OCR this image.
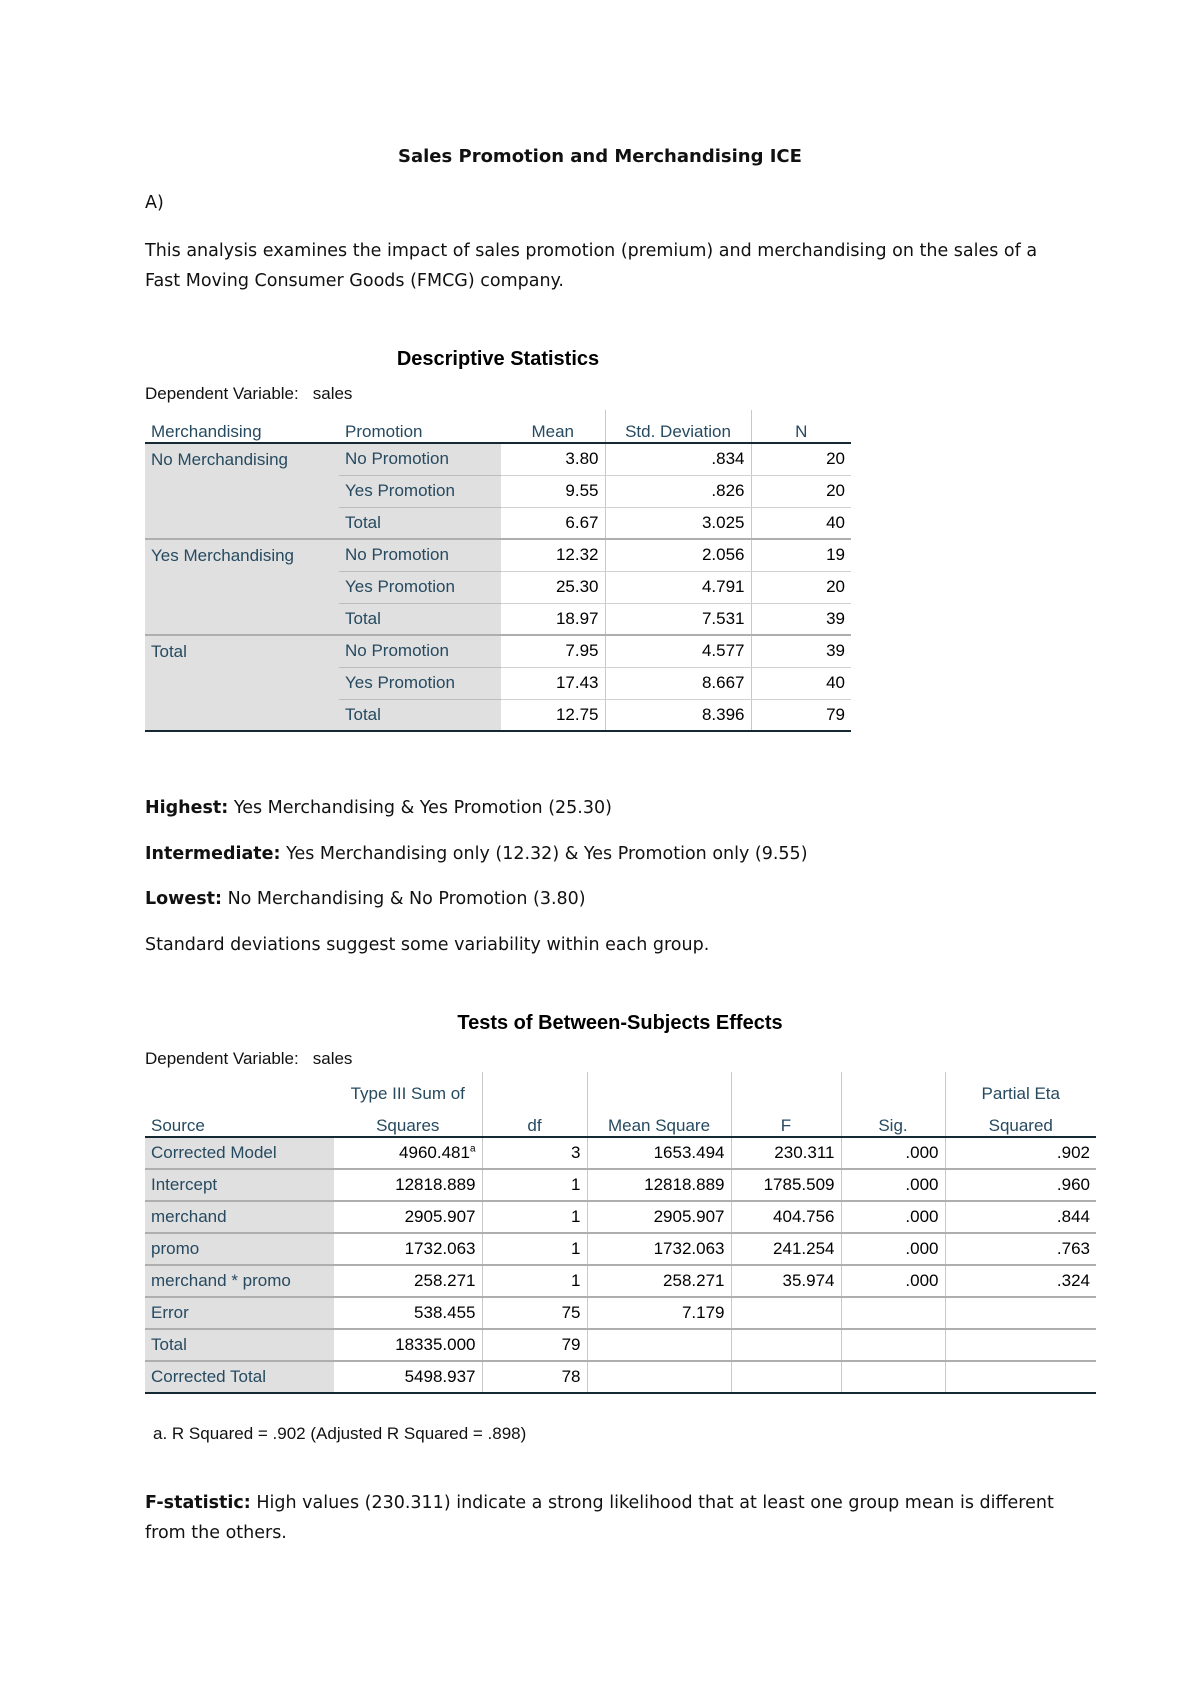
Sales Promotion and Merchandising ICE
A)
This analysis examines the impact of sales promotion (premium) and merchandising on the sales of a Fast Moving Consumer Goods (FMCG) company.
Descriptive Statistics
Dependent Variable: sales
Merchandising	Promotion	Mean	Std. Deviation	N
No Merchandising	No Promotion	3.80	.834	20
	Yes Promotion	9.55	.826	20
	Total	6.67	3.025	40
Yes Merchandising	No Promotion	12.32	2.056	19
	Yes Promotion	25.30	4.791	20
	Total	18.97	7.531	39
Total	No Promotion	7.95	4.577	39
	Yes Promotion	17.43	8.667	40
	Total	12.75	8.396	79
Highest: Yes Merchandising & Yes Promotion (25.30)
Intermediate: Yes Merchandising only (12.32) & Yes Promotion only (9.55)
Lowest: No Merchandising & No Promotion (3.80)
Standard deviations suggest some variability within each group.
Tests of Between-Subjects Effects
Dependent Variable: sales
	Type III Sum of					Partial Eta
Source	Squares	df	Mean Square	F	Sig.	Squared
Corrected Model	4960.481$^a$	3	1653.494	230.311	.000	.902
Intercept	12818.889	1	12818.889	1785.509	.000	.960
merchand	2905.907	1	2905.907	404.756	.000	.844
promo	1732.063	1	1732.063	241.254	.000	.763
merchand * promo	258.271	1	258.271	35.974	.000	.324
Error	538.455	75	7.179			
Total	18335.000	79				
Corrected Total	5498.937	78				
a. R Squared = .902 (Adjusted R Squared = .898)
F-statistic: High values (230.311) indicate a strong likelihood that at least one group mean is different from the others.
